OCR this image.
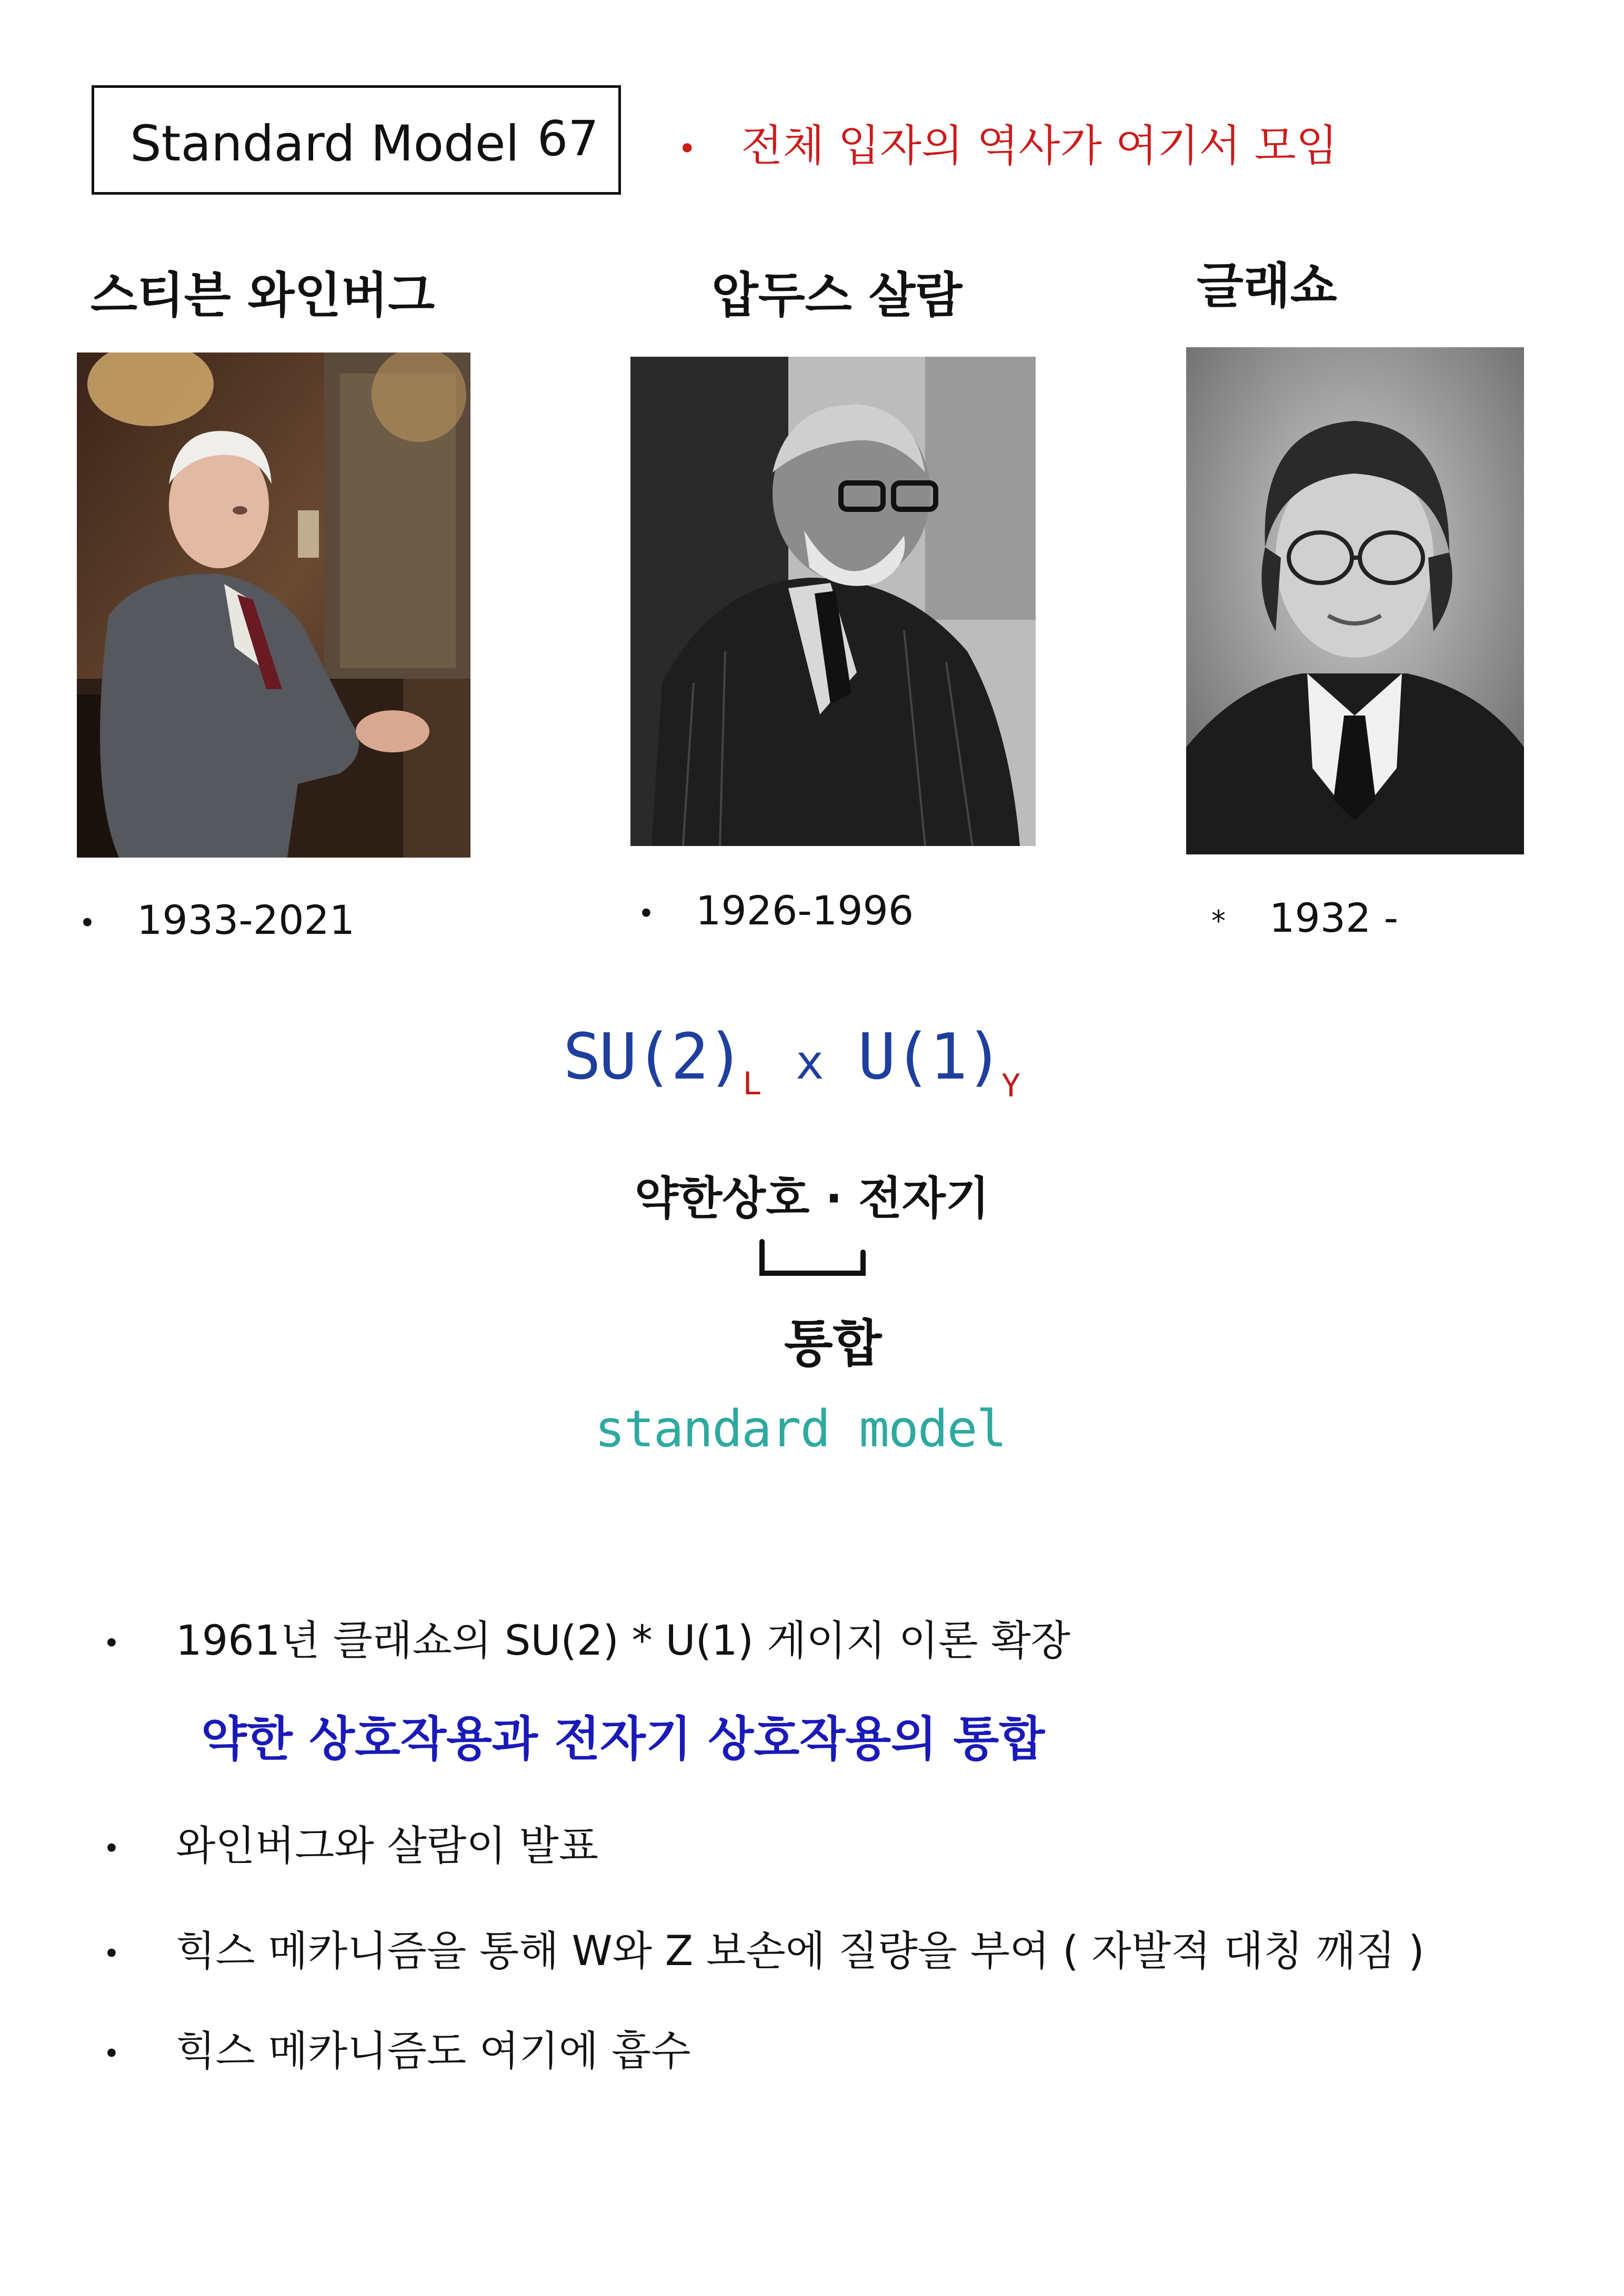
Standard Model 67	• 전체 입자의 역사가 여기서 모임
스티븐 와인버그	압두스 살람	글래쇼
• 1933-2021	• 1926-1996	* 1932 -
$SU(2)_L$ x $U(1)_Y$
약한상호 · 전자기
통합
standard model
• 1961년 클래쇼의 SU(2) * U(1) 게이지 이론 확장
약한 상호작용과 전자기 상호작용의 통합
• 와인버그와 살람이 발표
• 힉스 메카니즘을 통해 W와 Z 보손에 질량을 부여 ( 자발적 대칭 깨짐 )
• 힉스 메카니즘도 여기에 흡수
